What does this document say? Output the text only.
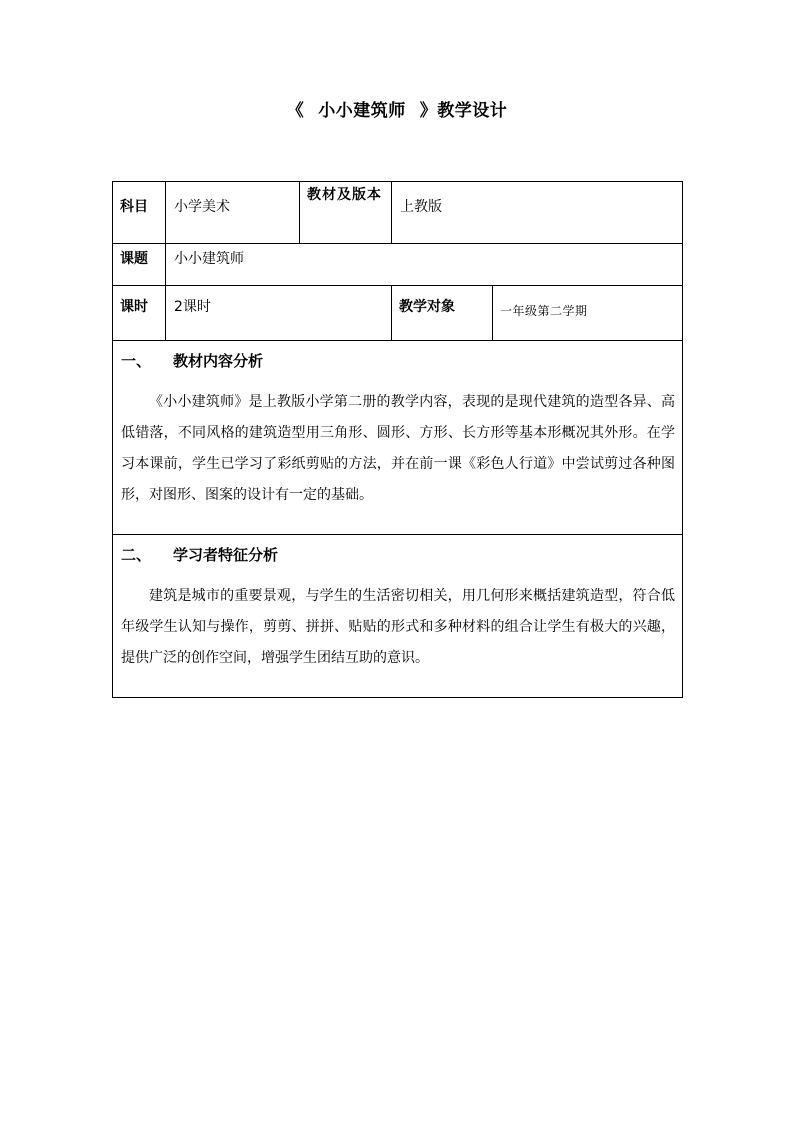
《 小小建筑师 》教学设计
科目	小学美术	教材及版本	上教版	
课题	小小建筑师			
课时	2课时		教学对象	一年级第二学期

一、 教材内容分析

《小小建筑师》是上教版小学第二册的教学内容，表现的是现代建筑的造型各异、高低错落，不同风格的建筑造型用三角形、圆形、方形、长方形等基本形概况其外形。在学习本课前，学生已学习了彩纸剪贴的方法，并在前一课《彩色人行道》中尝试剪过各种图形，对图形、图案的设计有一定的基础。				

二、 学习者特征分析

建筑是城市的重要景观，与学生的生活密切相关，用几何形来概括建筑造型，符合低年级学生认知与操作，剪剪、拼拼、贴贴的形式和多种材料的组合让学生有极大的兴趣，提供广泛的创作空间，增强学生团结互助的意识。				
